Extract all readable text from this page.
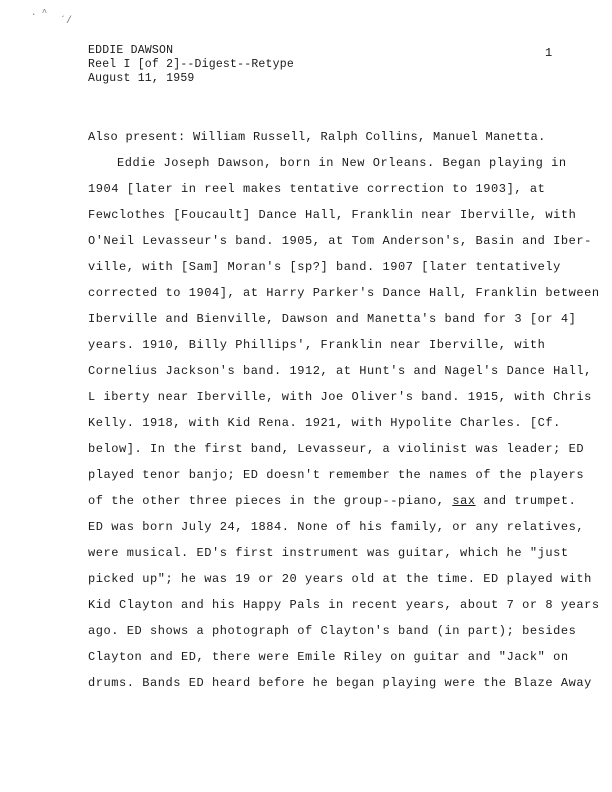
. ^
´/
EDDIE DAWSON
Reel I [of 2]--Digest--Retype
August 11, 1959
1
Also present: William Russell, Ralph Collins, Manuel Manetta.
Eddie Joseph Dawson, born in New Orleans. Began playing in
1904 [later in reel makes tentative correction to 1903], at
Fewclothes [Foucault] Dance Hall, Franklin near Iberville, with
O'Neil Levasseur's band. 1905, at Tom Anderson's, Basin and Iber-
ville, with [Sam] Moran's [sp?] band. 1907 [later tentatively
corrected to 1904], at Harry Parker's Dance Hall, Franklin between
Iberville and Bienville, Dawson and Manetta's band for 3 [or 4]
years. 1910, Billy Phillips', Franklin near Iberville, with
Cornelius Jackson's band. 1912, at Hunt's and Nagel's Dance Hall,
L iberty near Iberville, with Joe Oliver's band. 1915, with Chris
Kelly. 1918, with Kid Rena. 1921, with Hypolite Charles. [Cf.
below]. In the first band, Levasseur, a violinist was leader; ED
played tenor banjo; ED doesn't remember the names of the players
of the other three pieces in the group--piano, sax and trumpet.
ED was born July 24, 1884. None of his family, or any relatives,
were musical. ED's first instrument was guitar, which he "just
picked up"; he was 19 or 20 years old at the time. ED played with
Kid Clayton and his Happy Pals in recent years, about 7 or 8 years
ago. ED shows a photograph of Clayton's band (in part); besides
Clayton and ED, there were Emile Riley on guitar and "Jack" on
drums. Bands ED heard before he began playing were the Blaze Away
